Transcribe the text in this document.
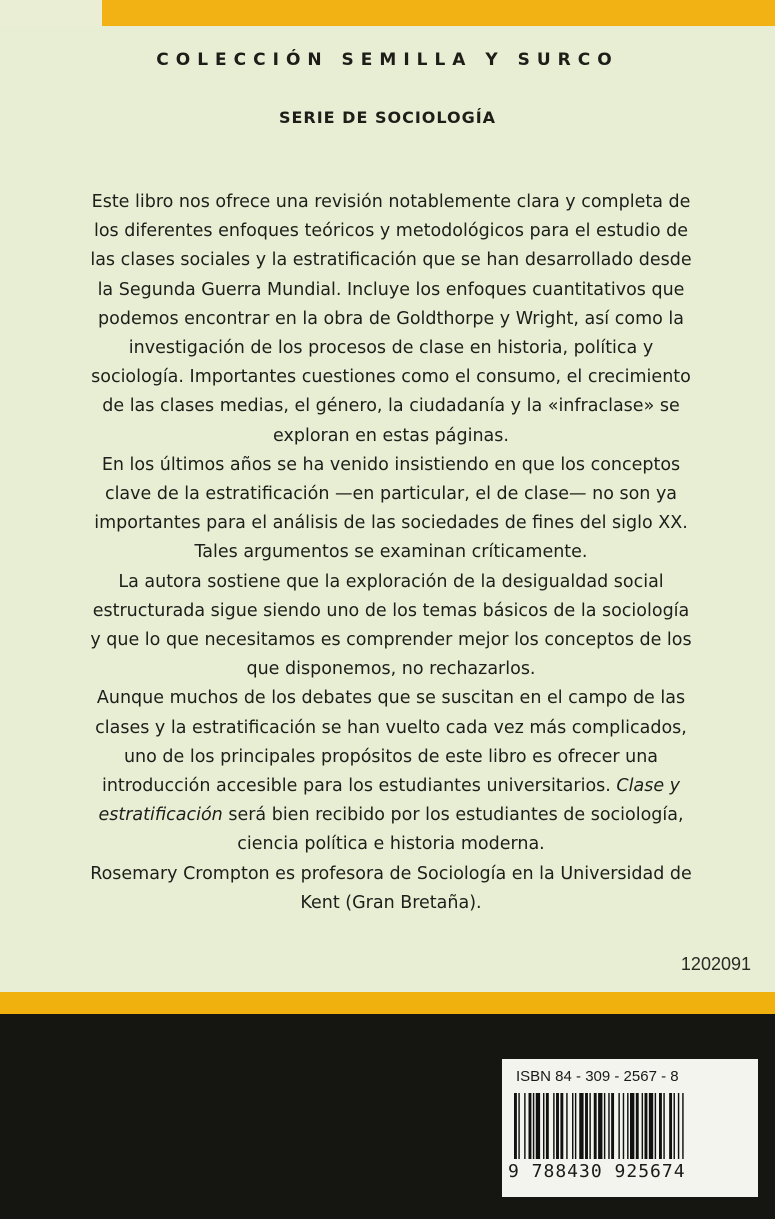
COLECCIÓN SEMILLA Y SURCO
SERIE DE SOCIOLOGÍA

Este libro nos ofrece una revisión notablemente clara y completa de los diferentes enfoques teóricos y metodológicos para el estudio de las clases sociales y la estratificación que se han desarrollado desde la Segunda Guerra Mundial. Incluye los enfoques cuantitativos que podemos encontrar en la obra de Goldthorpe y Wright, así como la investigación de los procesos de clase en historia, política y sociología. Importantes cuestiones como el consumo, el crecimiento de las clases medias, el género, la ciudadanía y la «infraclase» se exploran en estas páginas.

En los últimos años se ha venido insistiendo en que los conceptos clave de la estratificación —en particular, el de clase— no son ya importantes para el análisis de las sociedades de fines del siglo XX. Tales argumentos se examinan críticamente.

La autora sostiene que la exploración de la desigualdad social estructurada sigue siendo uno de los temas básicos de la sociología y que lo que necesitamos es comprender mejor los conceptos de los que disponemos, no rechazarlos.

Aunque muchos de los debates que se suscitan en el campo de las clases y la estratificación se han vuelto cada vez más complicados, uno de los principales propósitos de este libro es ofrecer una introducción accesible para los estudiantes universitarios. Clase y estratificación será bien recibido por los estudiantes de sociología, ciencia política e historia moderna.

Rosemary Crompton es profesora de Sociología en la Universidad de Kent (Gran Bretaña).

1202091
ISBN 84 - 309 - 2567 - 8
9 788430 925674
